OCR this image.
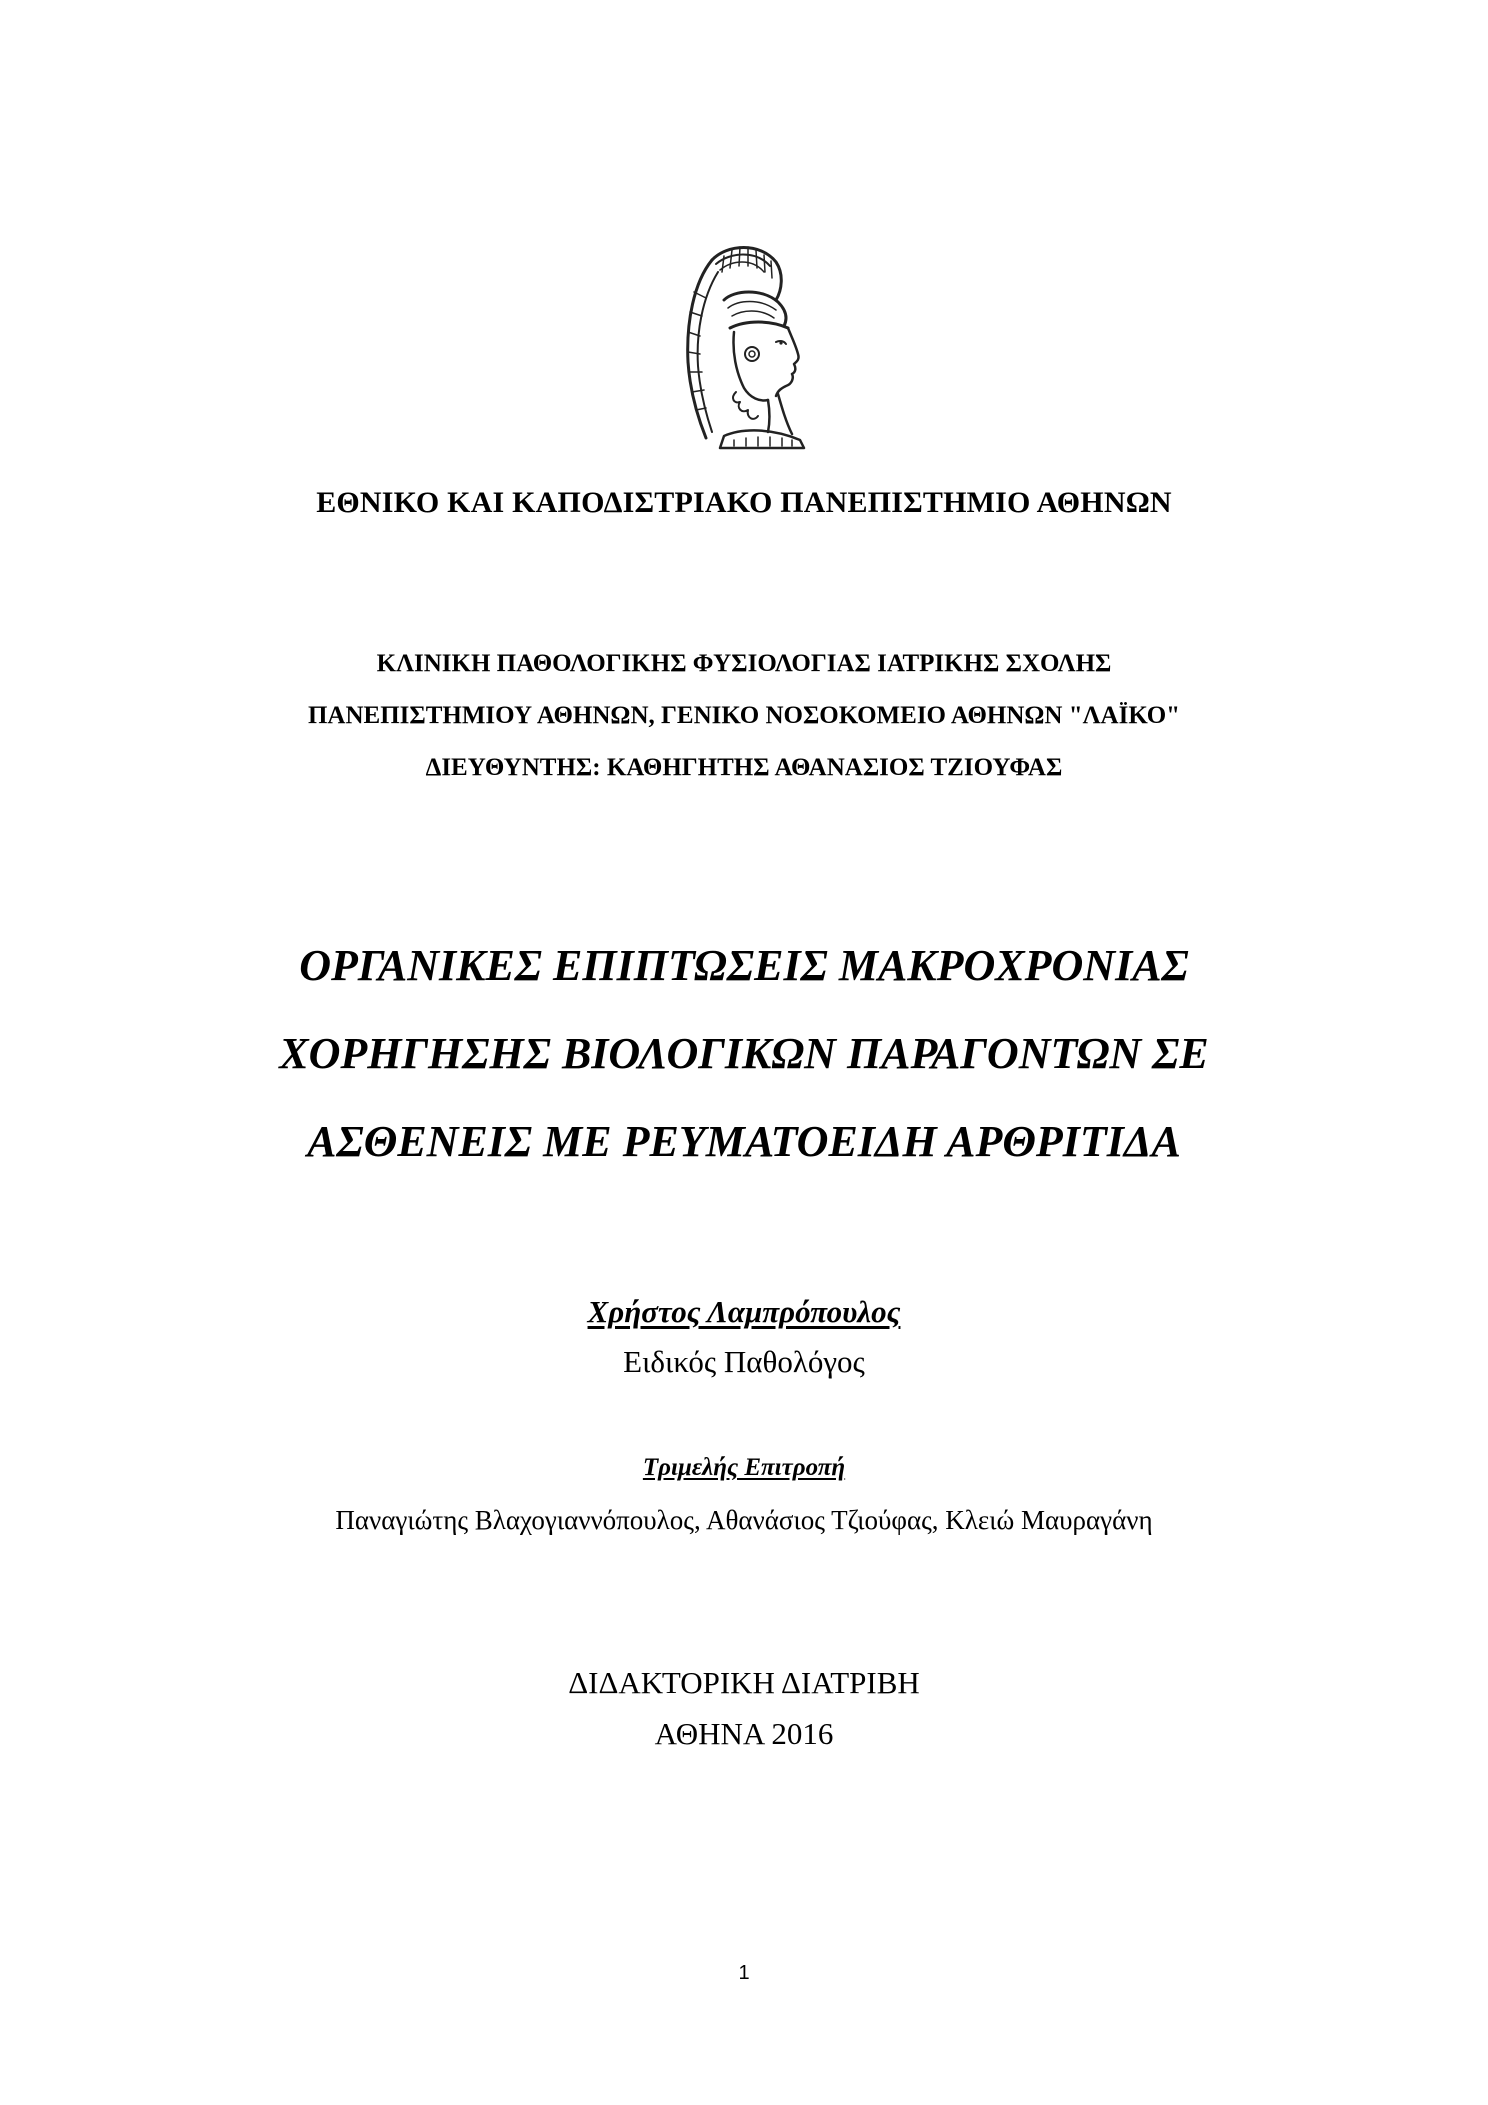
ΕΘΝΙΚΟ ΚΑΙ ΚΑΠΟΔΙΣΤΡΙΑΚΟ ΠΑΝΕΠΙΣΤΗΜΙΟ ΑΘΗΝΩΝ
ΚΛΙΝΙΚΗ ΠΑΘΟΛΟΓΙΚΗΣ ΦΥΣΙΟΛΟΓΙΑΣ ΙΑΤΡΙΚΗΣ ΣΧΟΛΗΣ
ΠΑΝΕΠΙΣΤΗΜΙΟΥ ΑΘΗΝΩΝ, ΓΕΝΙΚΟ ΝΟΣΟΚΟΜΕΙΟ ΑΘΗΝΩΝ "ΛΑΪΚΟ"
ΔΙΕΥΘΥΝΤΗΣ: ΚΑΘΗΓΗΤΗΣ ΑΘΑΝΑΣΙΟΣ ΤΖΙΟΥΦΑΣ
ΟΡΓΑΝΙΚΕΣ ΕΠΙΠΤΩΣΕΙΣ ΜΑΚΡΟΧΡΟΝΙΑΣ
ΧΟΡΗΓΗΣΗΣ ΒΙΟΛΟΓΙΚΩΝ ΠΑΡΑΓΟΝΤΩΝ ΣΕ
ΑΣΘΕΝΕΙΣ ΜΕ ΡΕΥΜΑΤΟΕΙΔΗ ΑΡΘΡΙΤΙΔΑ
Χρήστος Λαμπρόπουλος
Ειδικός Παθολόγος
Τριμελής Επιτροπή
Παναγιώτης Βλαχογιαννόπουλος, Αθανάσιος Τζιούφας, Κλειώ Μαυραγάνη
ΔΙΔΑΚΤΟΡΙΚΗ ΔΙΑΤΡΙΒΗ
ΑΘΗΝΑ 2016
1
